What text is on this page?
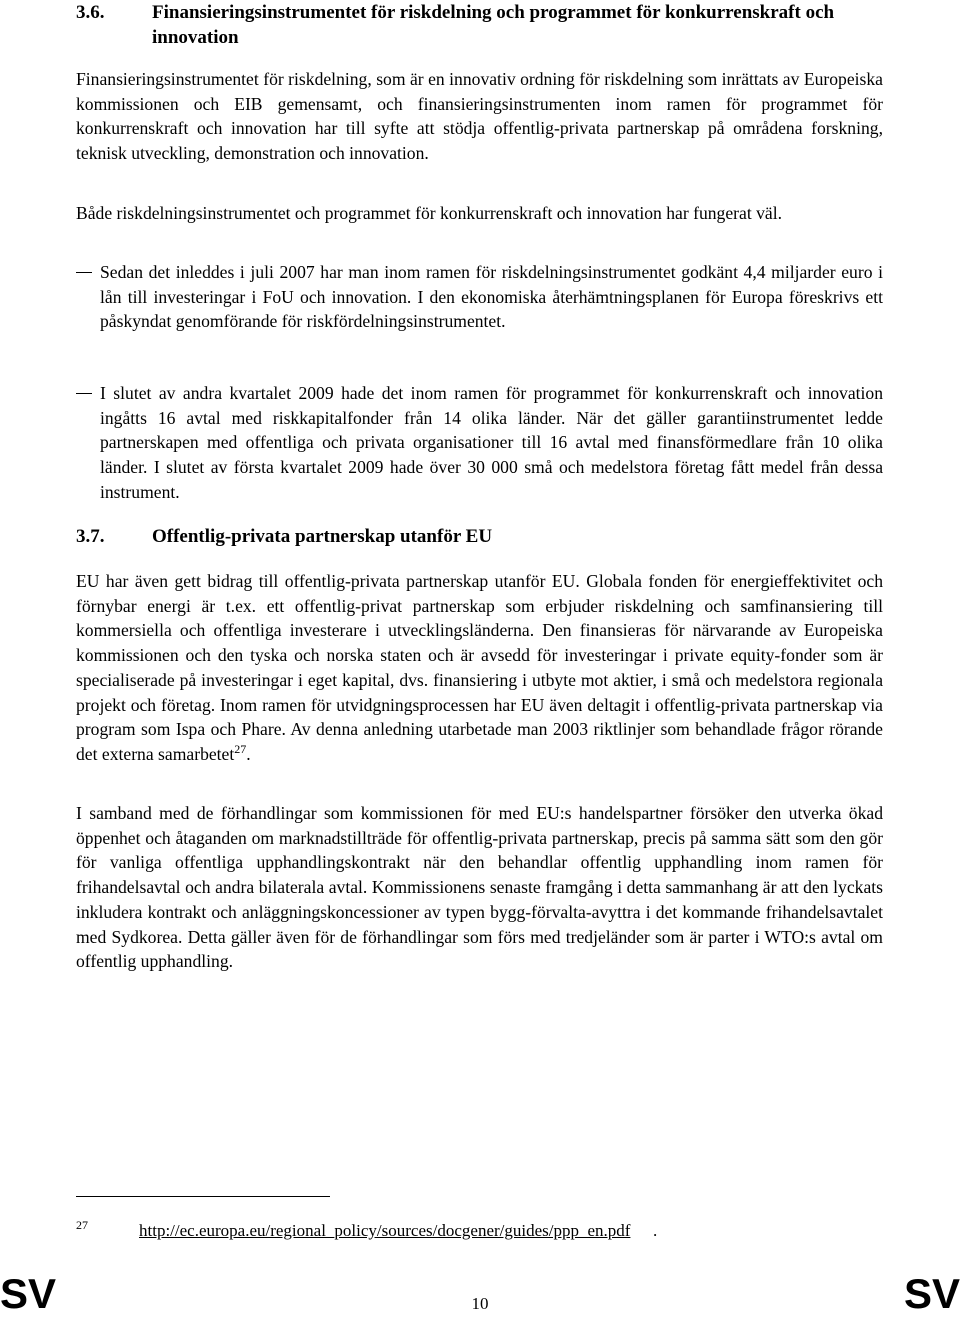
3.6.	Finansieringsinstrumentet för riskdelning och programmet för konkurrenskraft och innovation

Finansieringsinstrumentet för riskdelning, som är en innovativ ordning för riskdelning som inrättats av Europeiska kommissionen och EIB gemensamt, och finansieringsinstrumenten inom ramen för programmet för konkurrenskraft och innovation har till syfte att stödja offentlig-privata partnerskap på områdena forskning, teknisk utveckling, demonstration och innovation.

Både riskdelningsinstrumentet och programmet för konkurrenskraft och innovation har fungerat väl.

Sedan det inleddes i juli 2007 har man inom ramen för riskdelningsinstrumentet godkänt 4,4 miljarder euro i lån till investeringar i FoU och innovation. I den ekonomiska återhämtningsplanen för Europa föreskrivs ett påskyndat genomförande för riskfördelningsinstrumentet.

I slutet av andra kvartalet 2009 hade det inom ramen för programmet för konkurrenskraft och innovation ingåtts 16 avtal med riskkapitalfonder från 14 olika länder. När det gäller garantiinstrumentet ledde partnerskapen med offentliga och privata organisationer till 16 avtal med finansförmedlare från 10 olika länder. I slutet av första kvartalet 2009 hade över 30 000 små och medelstora företag fått medel från dessa instrument.

3.7.	Offentlig-privata partnerskap utanför EU

EU har även gett bidrag till offentlig-privata partnerskap utanför EU. Globala fonden för energieffektivitet och förnybar energi är t.ex. ett offentlig-privat partnerskap som erbjuder riskdelning och samfinansiering till kommersiella och offentliga investerare i utvecklingsländerna. Den finansieras för närvarande av Europeiska kommissionen och den tyska och norska staten och är avsedd för investeringar i private equity-fonder som är specialiserade på investeringar i eget kapital, dvs. finansiering i utbyte mot aktier, i små och medelstora regionala projekt och företag. Inom ramen för utvidgningsprocessen har EU även deltagit i offentlig-privata partnerskap via program som Ispa och Phare. Av denna anledning utarbetade man 2003 riktlinjer som behandlade frågor rörande det externa samarbetet$^{27}$.

I samband med de förhandlingar som kommissionen för med EU:s handelspartner försöker den utverka ökad öppenhet och åtaganden om marknadstillträde för offentlig-privata partnerskap, precis på samma sätt som den gör för vanliga offentliga upphandlingskontrakt när den behandlar offentlig upphandling inom ramen för frihandelsavtal och andra bilaterala avtal. Kommissionens senaste framgång i detta sammanhang är att den lyckats inkludera kontrakt och anläggningskoncessioner av typen bygg-förvalta-avyttra i det kommande frihandelsavtalet med Sydkorea. Detta gäller även för de förhandlingar som förs med tredjeländer som är parter i WTO:s avtal om offentlig upphandling.

27	http://ec.europa.eu/regional_policy/sources/docgener/guides/ppp_en.pdf .
SV	10	SV
